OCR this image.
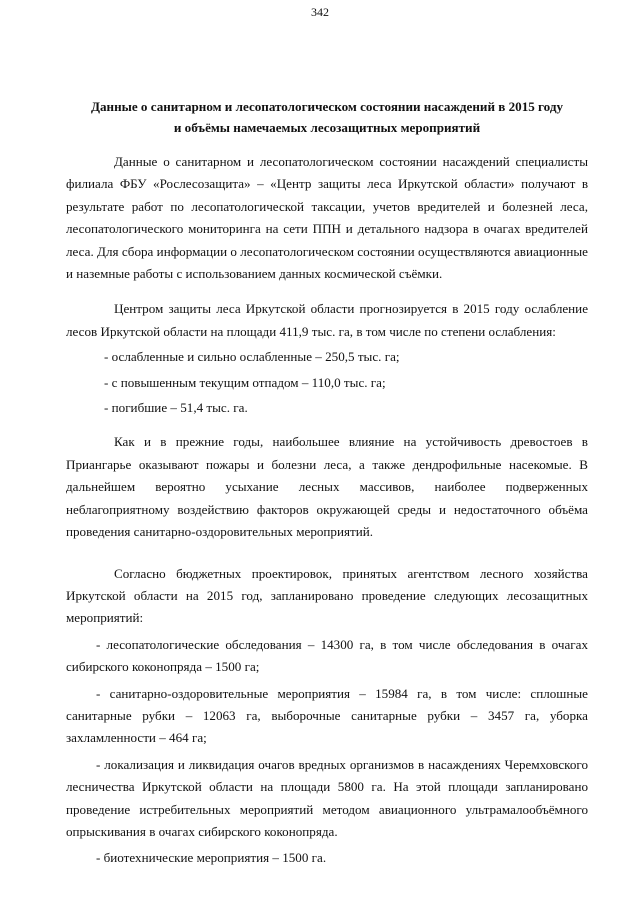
342

Данные о санитарном и лесопатологическом состоянии насаждений в 2015 году

и объёмы намечаемых лесозащитных мероприятий

Данные о санитарном и лесопатологическом состоянии насаждений специалисты филиала ФБУ «Рослесозащита» – «Центр защиты леса Иркутской области» получают в результате работ по лесопатологической таксации, учетов вредителей и болезней леса, лесопатологического мониторинга на сети ППН и детального надзора в очагах вредителей леса. Для сбора информации о лесопатологическом состоянии осуществляются авиационные и наземные работы с использованием данных космической съёмки.

Центром защиты леса Иркутской области прогнозируется в 2015 году ослабление лесов Иркутской области на площади 411,9 тыс. га, в том числе по степени ослабления:

- ослабленные и сильно ослабленные – 250,5 тыс. га;

- с повышенным текущим отпадом – 110,0 тыс. га;

- погибшие – 51,4 тыс. га.

Как и в прежние годы, наибольшее влияние на устойчивость древостоев в Приангарье оказывают пожары и болезни леса, а также дендрофильные насекомые. В дальнейшем вероятно усыхание лесных массивов, наиболее подверженных неблагоприятному воздействию факторов окружающей среды и недостаточного объёма проведения санитарно-оздоровительных мероприятий.

Согласно бюджетных проектировок, принятых агентством лесного хозяйства Иркутской области на 2015 год, запланировано проведение следующих лесозащитных мероприятий:

- лесопатологические обследования – 14300 га, в том числе обследования в очагах сибирского коконопряда – 1500 га;

- санитарно-оздоровительные мероприятия – 15984 га, в том числе: сплошные санитарные рубки – 12063 га, выборочные санитарные рубки – 3457 га, уборка захламленности – 464 га;

- локализация и ликвидация очагов вредных организмов в насаждениях Черемховского лесничества Иркутской области на площади 5800 га. На этой площади запланировано проведение истребительных мероприятий методом авиационного ультрамалообъёмного опрыскивания в очагах сибирского коконопряда.

- биотехнические мероприятия – 1500 га.
